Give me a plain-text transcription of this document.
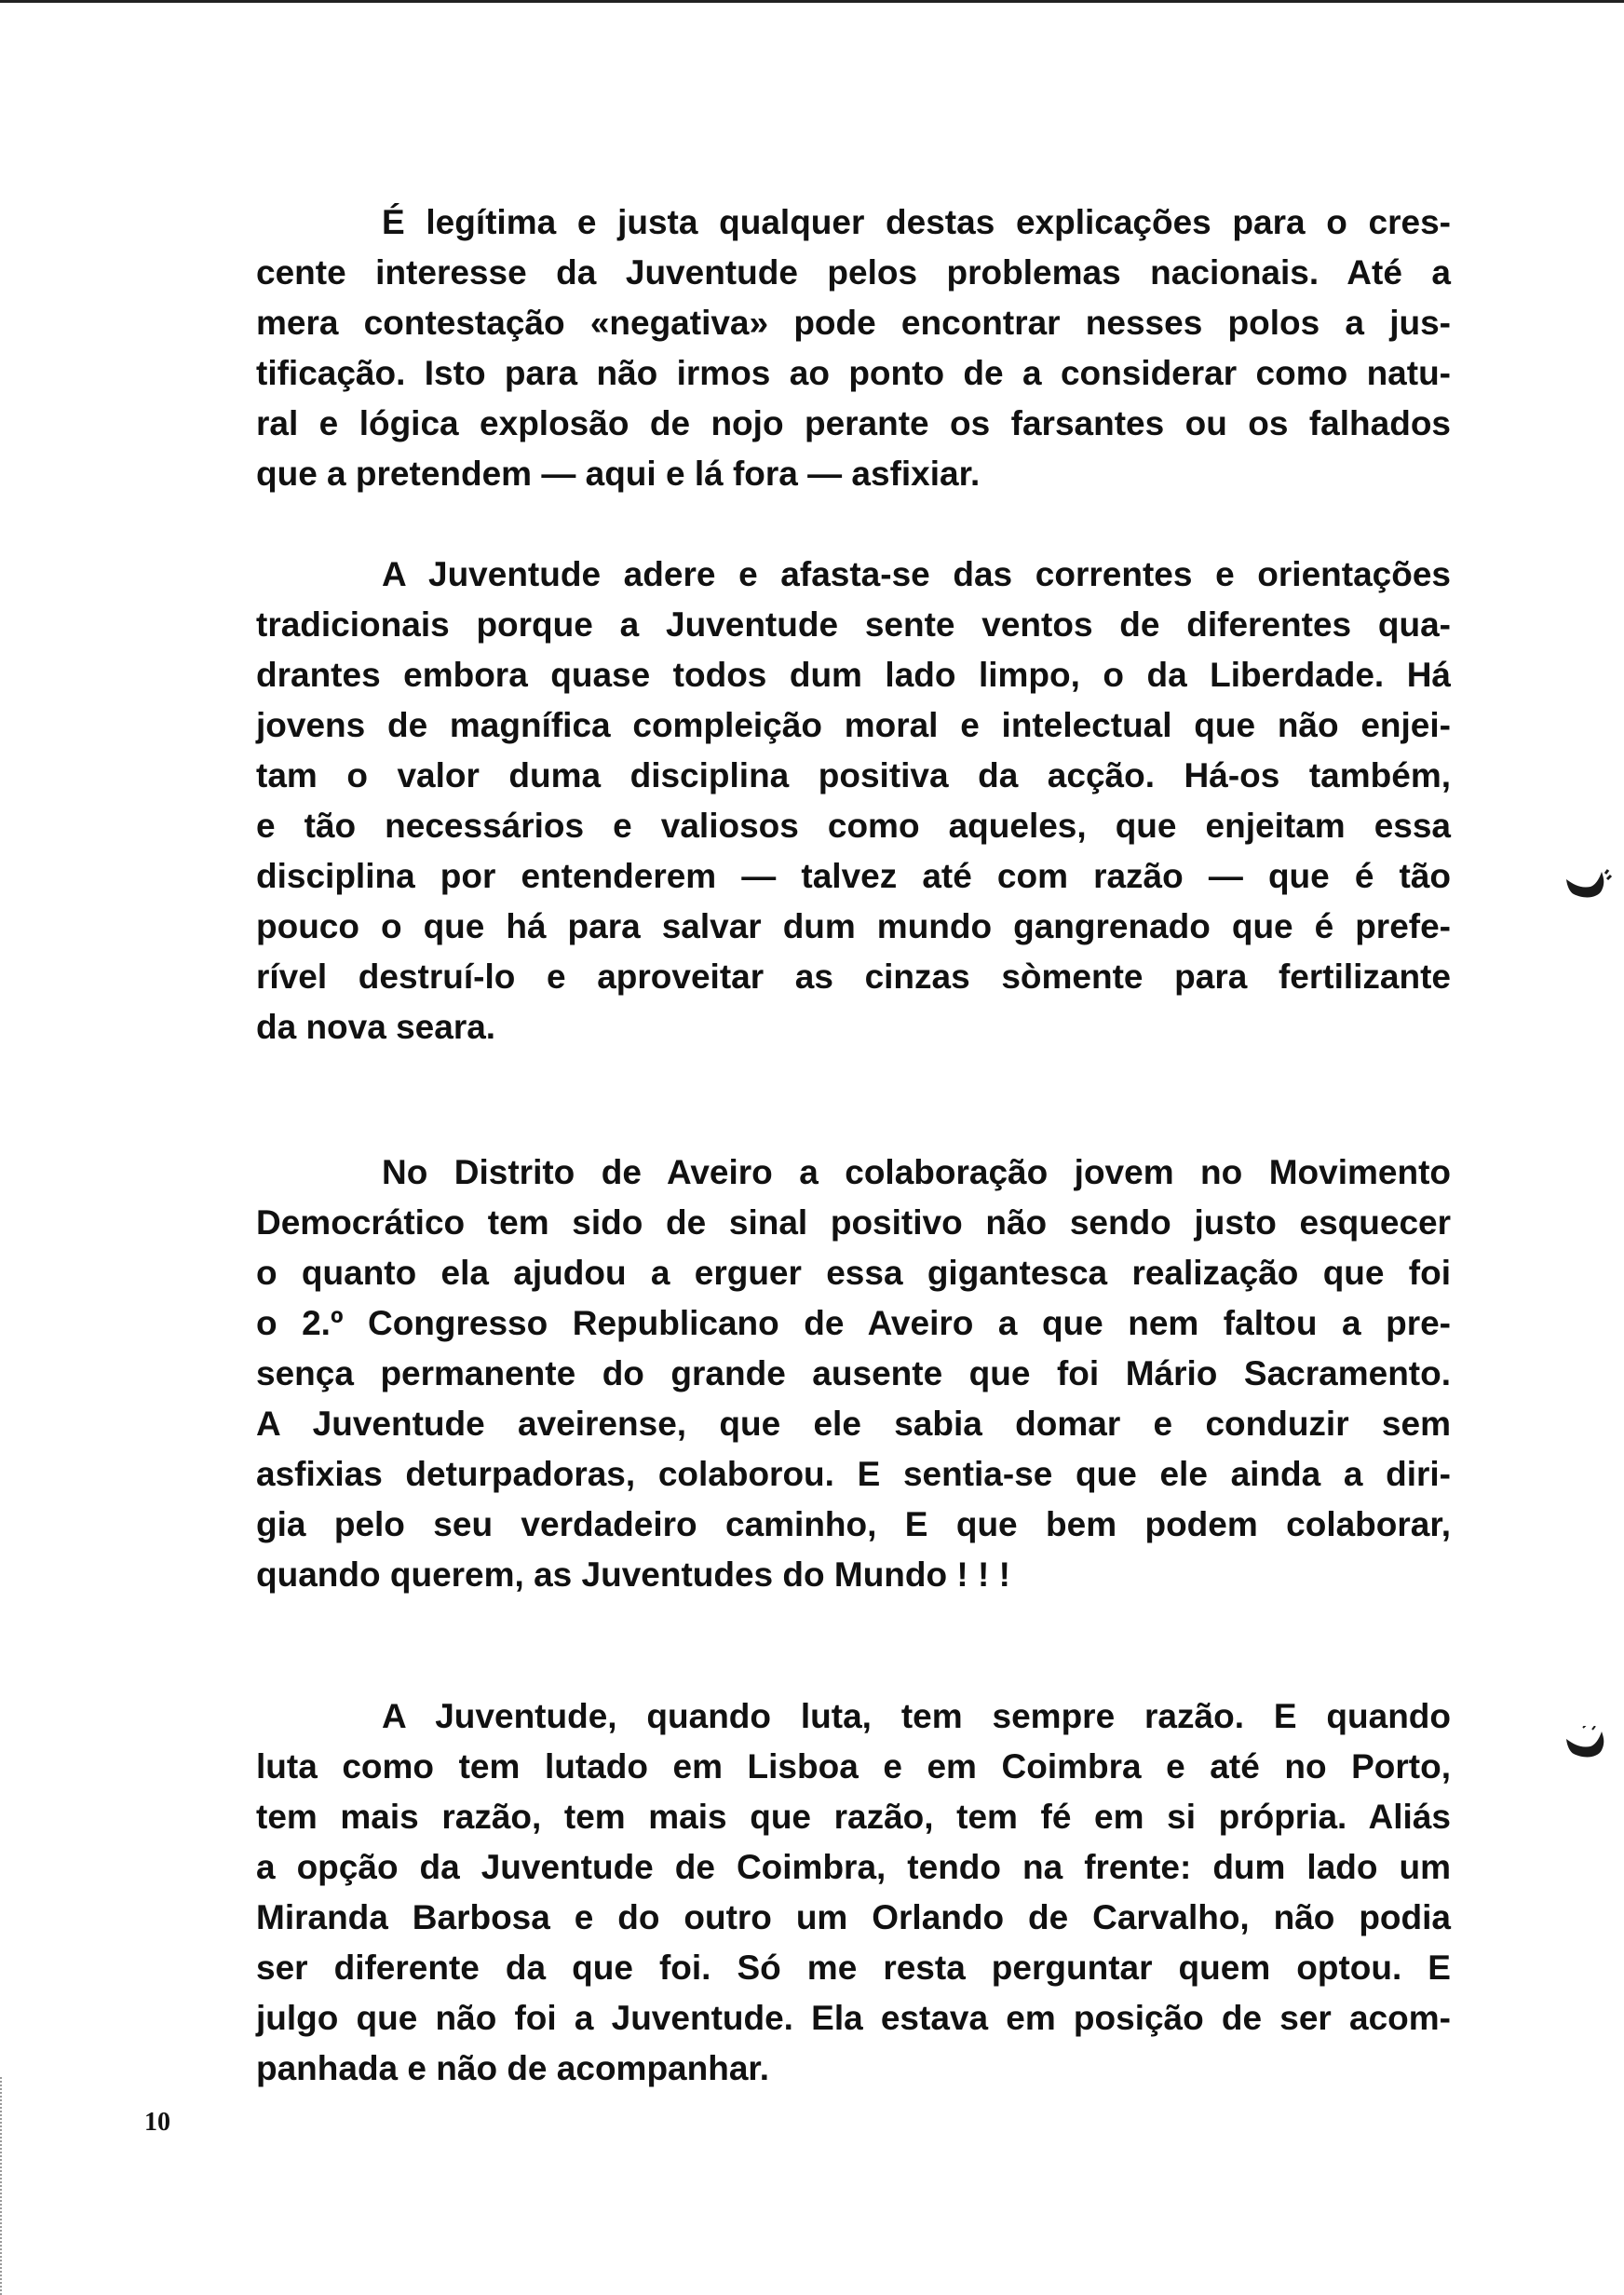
É legítima e justa qualquer destas explicações para o cres-
cente interesse da Juventude pelos problemas nacionais. Até a
mera contestação «negativa» pode encontrar nesses polos a jus-
tificação. Isto para não irmos ao ponto de a considerar como natu-
ral e lógica explosão de nojo perante os farsantes ou os falhados
que a pretendem — aqui e lá fora — asfixiar.
A Juventude adere e afasta-se das correntes e orientações
tradicionais porque a Juventude sente ventos de diferentes qua-
drantes embora quase todos dum lado limpo, o da Liberdade. Há
jovens de magnífica compleição moral e intelectual que não enjei-
tam o valor duma disciplina positiva da acção. Há-os também,
e tão necessários e valiosos como aqueles, que enjeitam essa
disciplina por entenderem — talvez até com razão — que é tão
pouco o que há para salvar dum mundo gangrenado que é prefe-
rível destruí-lo e aproveitar as cinzas sòmente para fertilizante
da nova seara.
No Distrito de Aveiro a colaboração jovem no Movimento
Democrático tem sido de sinal positivo não sendo justo esquecer
o quanto ela ajudou a erguer essa gigantesca realização que foi
o 2.º Congresso Republicano de Aveiro a que nem faltou a pre-
sença permanente do grande ausente que foi Mário Sacramento.
A Juventude aveirense, que ele sabia domar e conduzir sem
asfixias deturpadoras, colaborou. E sentia-se que ele ainda a diri-
gia pelo seu verdadeiro caminho, E que bem podem colaborar,
quando querem, as Juventudes do Mundo ! ! !
A Juventude, quando luta, tem sempre razão. E quando
luta como tem lutado em Lisboa e em Coimbra e até no Porto,
tem mais razão, tem mais que razão, tem fé em si própria. Aliás
a opção da Juventude de Coimbra, tendo na frente: dum lado um
Miranda Barbosa e do outro um Orlando de Carvalho, não podia
ser diferente da que foi. Só me resta perguntar quem optou. E
julgo que não foi a Juventude. Ela estava em posição de ser acom-
panhada e não de acompanhar.
10
